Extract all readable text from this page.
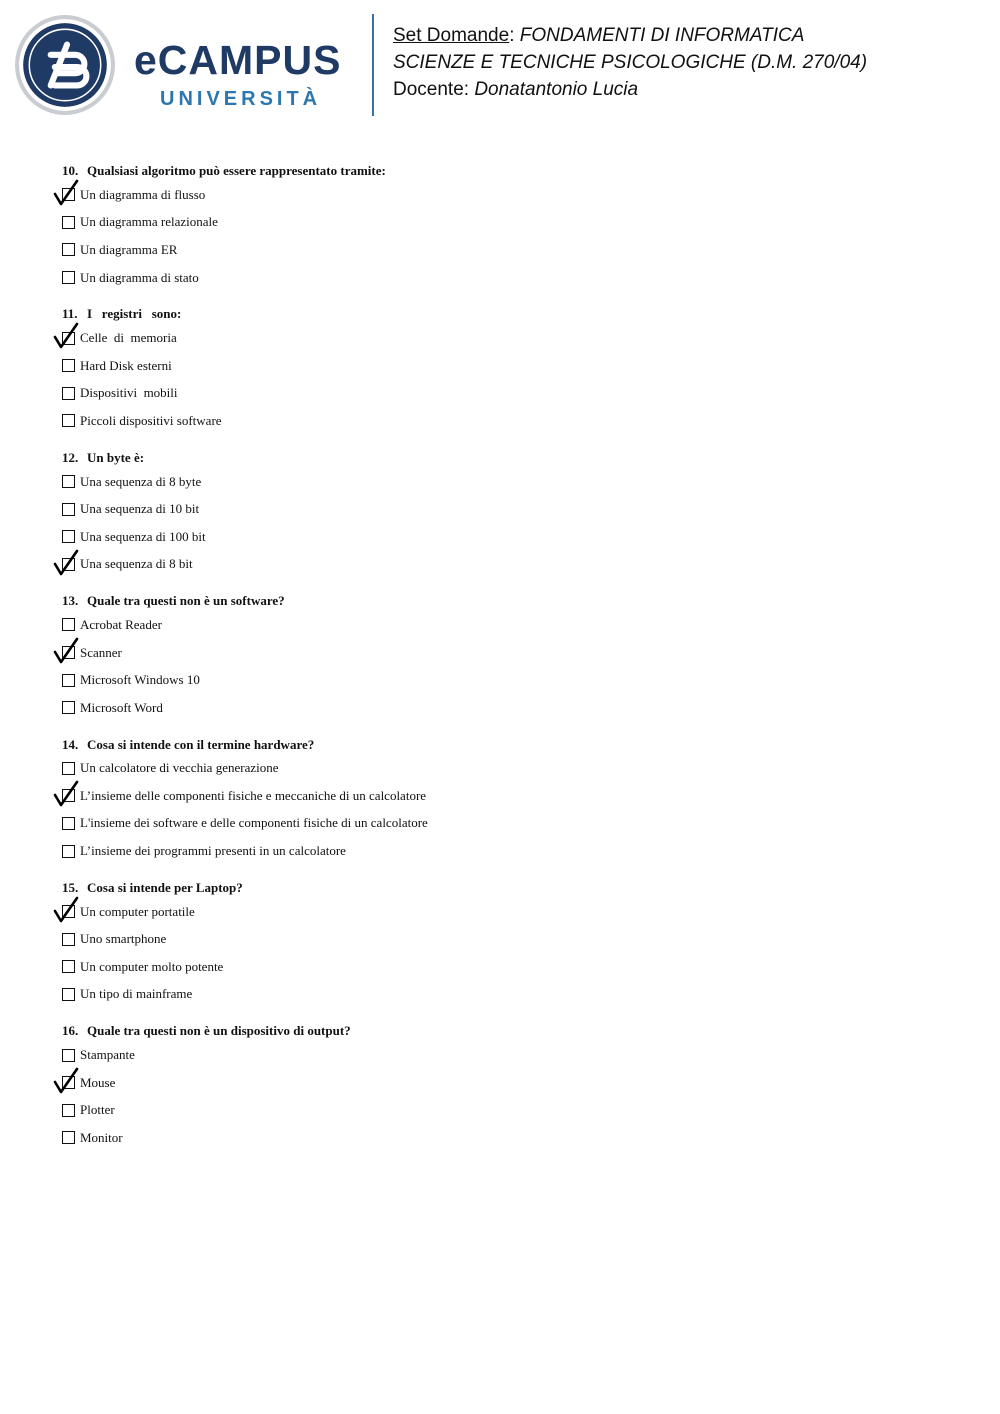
eCAMPUS
UNIVERSITÀ
Set Domande: FONDAMENTI DI INFORMATICA
SCIENZE E TECNICHE PSICOLOGICHE (D.M. 270/04)
Docente: Donatantonio Lucia
10. Qualsiasi algoritmo può essere rappresentato tramite:
Un diagramma di flusso
Un diagramma relazionale
Un diagramma ER
Un diagramma di stato
11. I   registri   sono:
Celle  di  memoria
Hard Disk esterni
Dispositivi  mobili
Piccoli dispositivi software
12. Un byte è:
Una sequenza di 8 byte
Una sequenza di 10 bit
Una sequenza di 100 bit
Una sequenza di 8 bit
13. Quale tra questi non è un software?
Acrobat Reader
Scanner
Microsoft Windows 10
Microsoft Word
14. Cosa si intende con il termine hardware?
Un calcolatore di vecchia generazione
L’insieme delle componenti fisiche e meccaniche di un calcolatore
L'insieme dei software e delle componenti fisiche di un calcolatore
L’insieme dei programmi presenti in un calcolatore
15. Cosa si intende per Laptop?
Un computer portatile
Uno smartphone
Un computer molto potente
Un tipo di mainframe
16. Quale tra questi non è un dispositivo di output?
Stampante
Mouse
Plotter
Monitor
